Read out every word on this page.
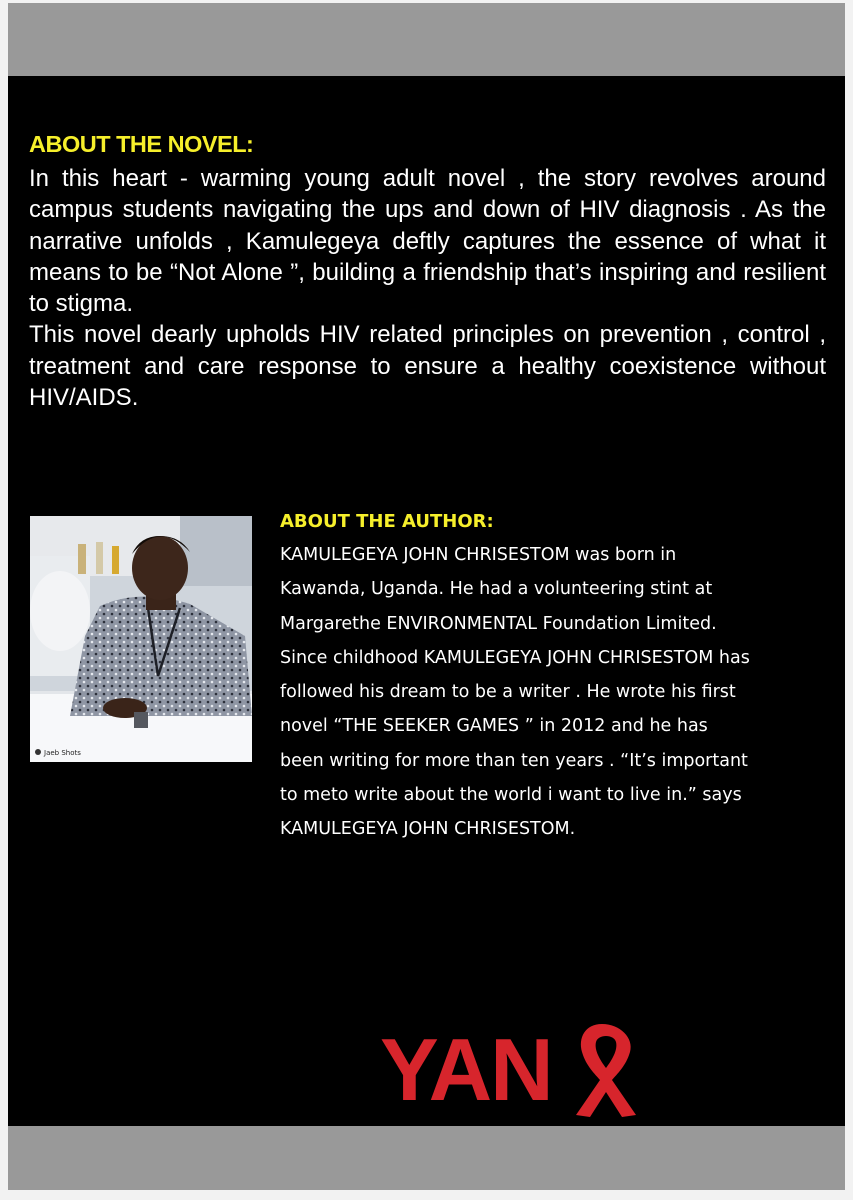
ABOUT THE NOVEL:

In this heart - warming young adult novel , the story revolves around campus students navigating the ups and down of HIV diagnosis . As the narrative unfolds , Kamulegeya deftly captures the essence of what it means to be “Not Alone ”, building a friendship that’s inspiring and resilient to stigma.

This novel dearly upholds HIV related principles on prevention , control , treatment and care response to ensure a healthy coexistence without HIV/AIDS.

Jaeb Shots
ABOUT THE AUTHOR:

KAMULEGEYA JOHN CHRISESTOM was born in Kawanda, Uganda. He had a volunteering stint at Margarethe ENVIRONMENTAL Foundation Limited. Since childhood KAMULEGEYA JOHN CHRISESTOM has followed his dream to be a writer . He wrote his first novel “THE SEEKER GAMES ” in 2012 and he has been writing for more than ten years . “It’s important to meto write about the world i want to live in.” says KAMULEGEYA JOHN CHRISESTOM.

YAN
